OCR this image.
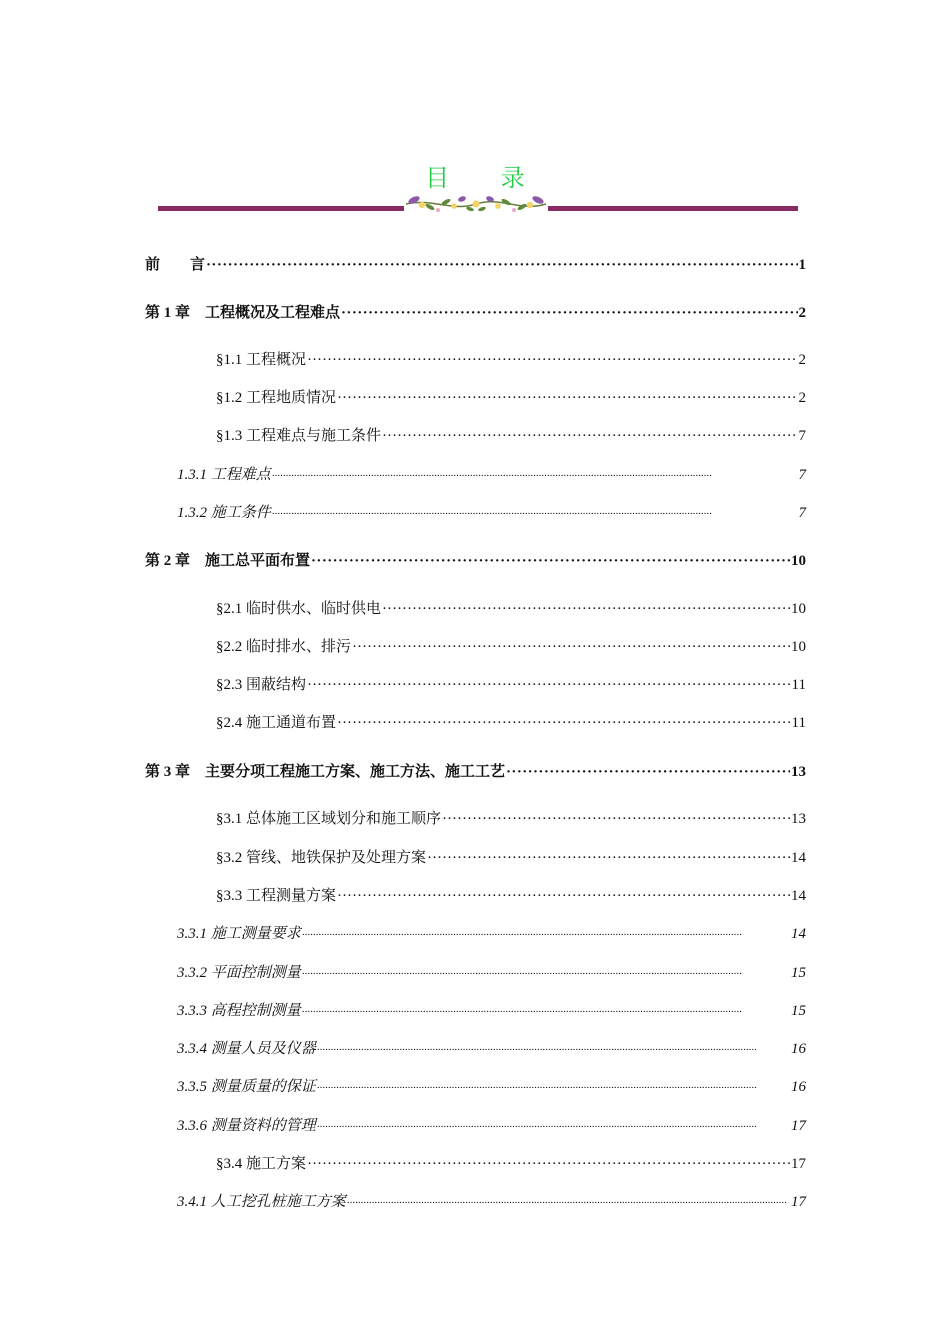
目 录
前　　言 ·····	1
第 1 章　工程概况及工程难点 ·····	2
§1.1 工程概况 ·····	2
§1.2 工程地质情况 ·····	2
§1.3 工程难点与施工条件 ·····	7
1.3.1 工程难点 ·····	7
1.3.2 施工条件 ·····	7
第 2 章　施工总平面布置 ·····	10
§2.1 临时供水、临时供电 ·····	10
§2.2 临时排水、排污 ·····	10
§2.3 围蔽结构 ·····	11
§2.4 施工通道布置 ·····	11
第 3 章　主要分项工程施工方案、施工方法、施工工艺 ·····	13
§3.1 总体施工区域划分和施工顺序 ·····	13
§3.2 管线、地铁保护及处理方案 ·····	14
§3.3 工程测量方案 ·····	14
3.3.1 施工测量要求 ·····	14
3.3.2 平面控制测量 ·····	15
3.3.3 高程控制测量 ·····	15
3.3.4 测量人员及仪器 ·····	16
3.3.5 测量质量的保证 ·····	16
3.3.6 测量资料的管理 ·····	17
§3.4 施工方案 ·····	17
3.4.1 人工挖孔桩施工方案 ·····	17
